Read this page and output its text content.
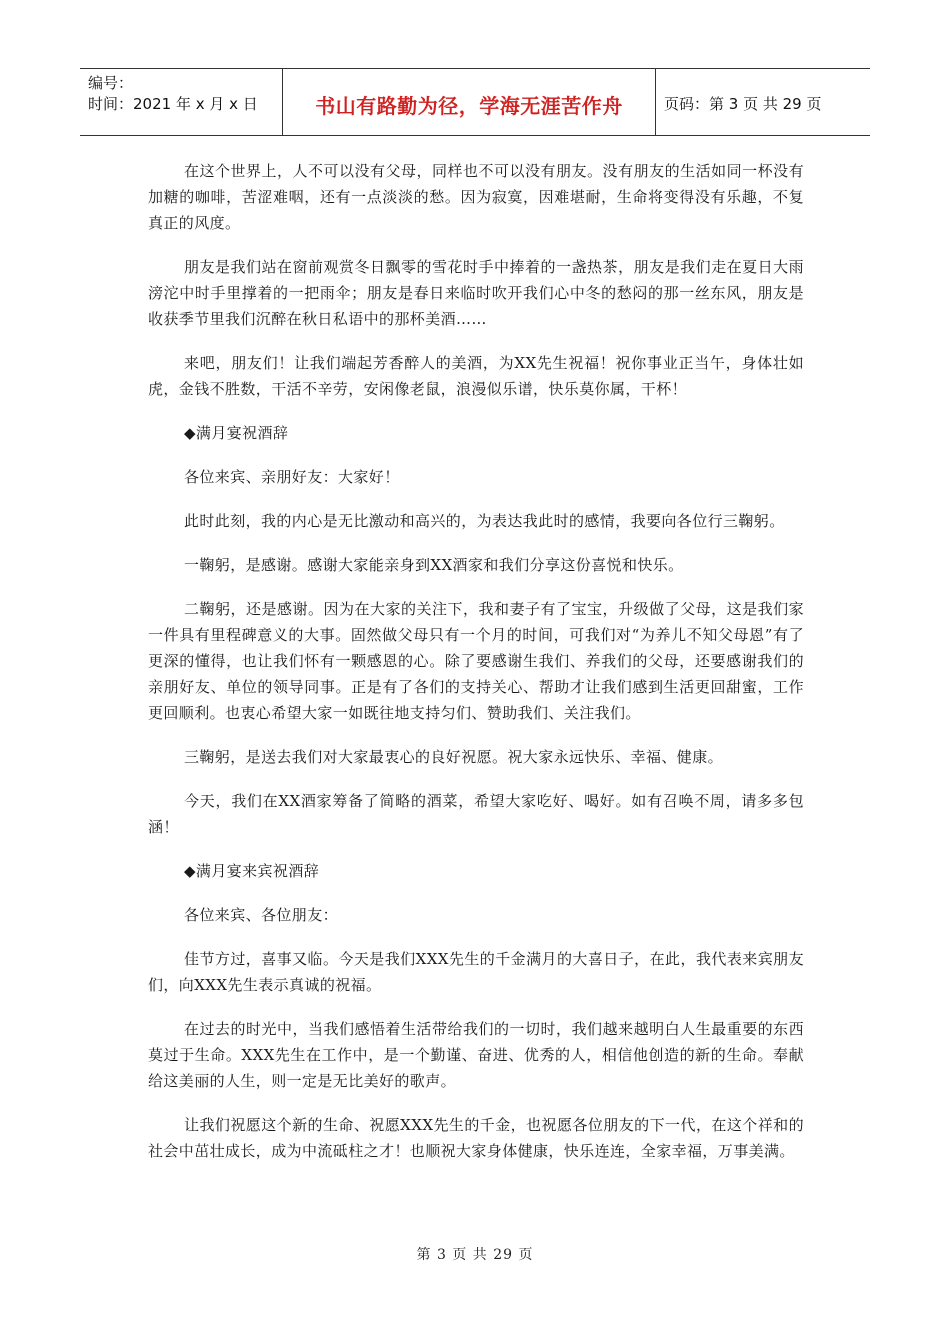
编号：
时间：2021 年 x 月 x 日	书山有路勤为径，学海无涯苦作舟	页码：第 3 页 共 29 页

在这个世界上，人不可以没有父母，同样也不可以没有朋友。没有朋友的生活如同一杯没有加糖的咖啡，苦涩难咽，还有一点淡淡的愁。因为寂寞，因难堪耐，生命将变得没有乐趣，不复真正的风度。

朋友是我们站在窗前观赏冬日飘零的雪花时手中捧着的一盏热茶，朋友是我们走在夏日大雨滂沱中时手里撑着的一把雨伞；朋友是春日来临时吹开我们心中冬的愁闷的那一丝东风，朋友是收获季节里我们沉醉在秋日私语中的那杯美酒……

来吧，朋友们！让我们端起芳香醉人的美酒，为XX先生祝福！祝你事业正当午，身体壮如虎，金钱不胜数，干活不辛劳，安闲像老鼠，浪漫似乐谱，快乐莫你属，干杯！

◆满月宴祝酒辞

各位来宾、亲朋好友：大家好！

此时此刻，我的内心是无比激动和高兴的，为表达我此时的感情，我要向各位行三鞠躬。

一鞠躬，是感谢。感谢大家能亲身到XX酒家和我们分享这份喜悦和快乐。

二鞠躬，还是感谢。因为在大家的关注下，我和妻子有了宝宝，升级做了父母，这是我们家一件具有里程碑意义的大事。固然做父母只有一个月的时间，可我们对“为养儿不知父母恩”有了更深的懂得，也让我们怀有一颗感恩的心。除了要感谢生我们、养我们的父母，还要感谢我们的亲朋好友、单位的领导同事。正是有了各们的支持关心、帮助才让我们感到生活更回甜蜜，工作更回顺利。也衷心希望大家一如既往地支持匀们、赞助我们、关注我们。

三鞠躬，是送去我们对大家最衷心的良好祝愿。祝大家永远快乐、幸福、健康。

今天，我们在XX酒家筹备了简略的酒菜，希望大家吃好、喝好。如有召唤不周，请多多包涵！

◆满月宴来宾祝酒辞

各位来宾、各位朋友：

佳节方过，喜事又临。今天是我们XXX先生的千金满月的大喜日子，在此，我代表来宾朋友们，向XXX先生表示真诚的祝福。

在过去的时光中，当我们感悟着生活带给我们的一切时，我们越来越明白人生最重要的东西莫过于生命。XXX先生在工作中，是一个勤谨、奋进、优秀的人，相信他创造的新的生命。奉献给这美丽的人生，则一定是无比美好的歌声。

让我们祝愿这个新的生命、祝愿XXX先生的千金，也祝愿各位朋友的下一代，在这个祥和的社会中茁壮成长，成为中流砥柱之才！也顺祝大家身体健康，快乐连连，全家幸福，万事美满。

第 3 页 共 29 页
